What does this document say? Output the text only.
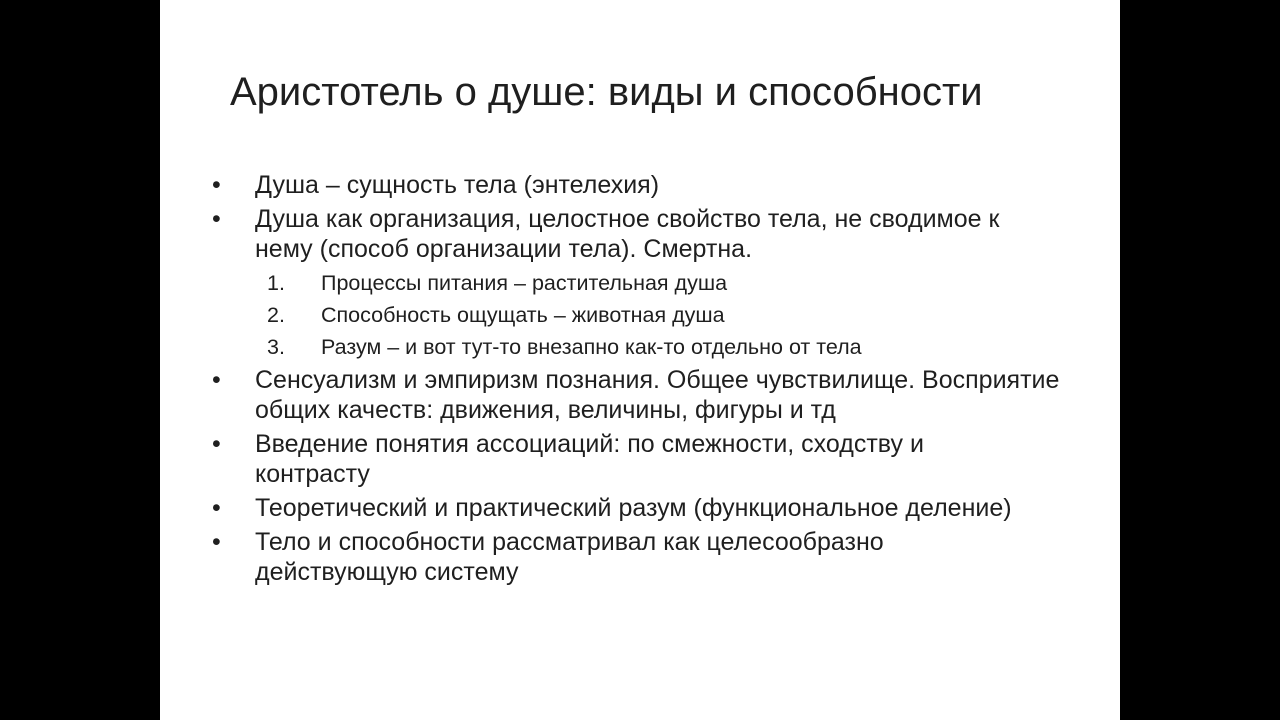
Аристотель о душе: виды и способности
•	Душа – сущность тела (энтелехия)
•	Душа как организация, целостное свойство тела, не сводимое к нему (способ организации тела). Смертна.
1. Процессы питания – растительная душа
2. Способность ощущать – животная душа
3. Разум – и вот тут-то внезапно как-то отдельно от тела
•	Сенсуализм и эмпиризм познания. Общее чувствилище. Восприятие общих качеств: движения, величины, фигуры и тд
•	Введение понятия ассоциаций: по смежности, сходству и контрасту
•	Теоретический и практический разум (функциональное деление)
•	Тело и способности рассматривал как целесообразно действующую систему
